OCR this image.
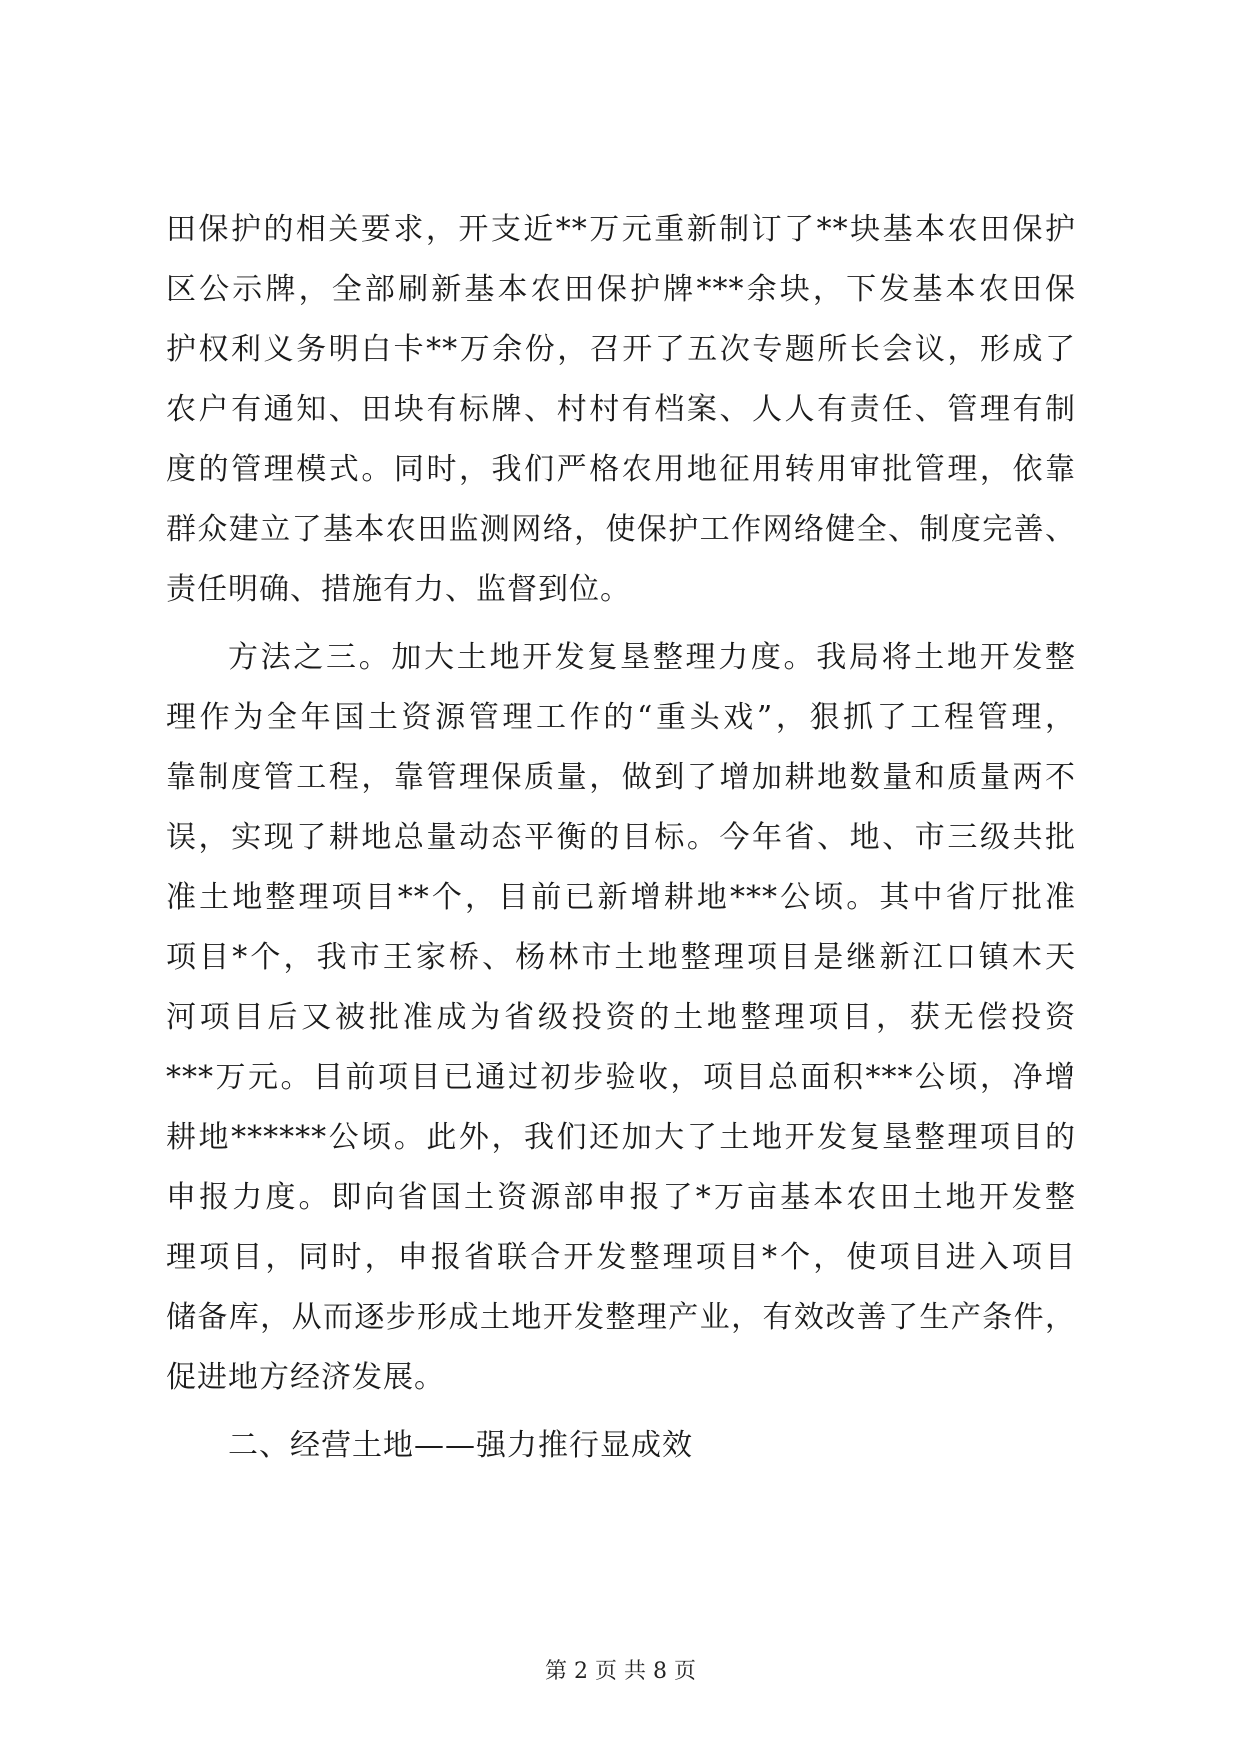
田保护的相关要求，开支近**万元重新制订了**块基本农田保护
区公示牌，全部刷新基本农田保护牌***余块，下发基本农田保
护权利义务明白卡**万余份，召开了五次专题所长会议，形成了
农户有通知、田块有标牌、村村有档案、人人有责任、管理有制
度的管理模式。同时，我们严格农用地征用转用审批管理，依靠
群众建立了基本农田监测网络，使保护工作网络健全、制度完善、
责任明确、措施有力、监督到位。
方法之三。加大土地开发复垦整理力度。我局将土地开发整
理作为全年国土资源管理工作的“重头戏”，狠抓了工程管理，
靠制度管工程，靠管理保质量，做到了增加耕地数量和质量两不
误，实现了耕地总量动态平衡的目标。今年省、地、市三级共批
准土地整理项目**个，目前已新增耕地***公顷。其中省厅批准
项目*个，我市王家桥、杨林市土地整理项目是继新江口镇木天
河项目后又被批准成为省级投资的土地整理项目，获无偿投资
***万元。目前项目已通过初步验收，项目总面积***公顷，净增
耕地******公顷。此外，我们还加大了土地开发复垦整理项目的
申报力度。即向省国土资源部申报了*万亩基本农田土地开发整
理项目，同时，申报省联合开发整理项目*个，使项目进入项目
储备库，从而逐步形成土地开发整理产业，有效改善了生产条件，
促进地方经济发展。
二、经营土地——强力推行显成效
第 2 页 共 8 页
